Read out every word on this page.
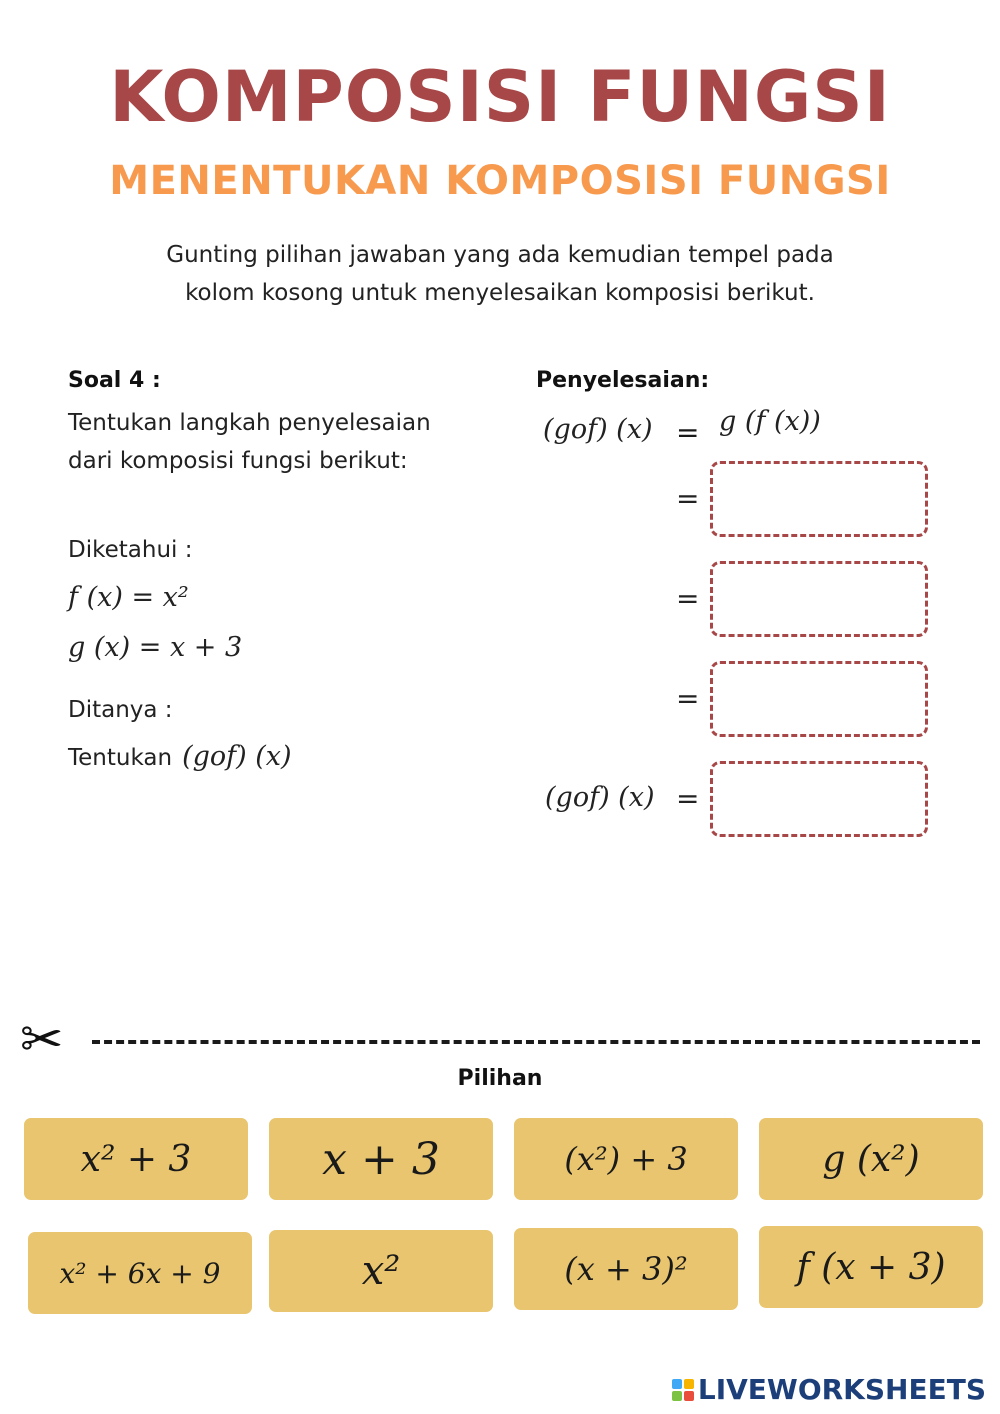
KOMPOSISI FUNGSI
MENENTUKAN KOMPOSISI FUNGSI
Gunting pilihan jawaban yang ada kemudian tempel pada
kolom kosong untuk menyelesaikan komposisi berikut.
Soal 4 :
Tentukan langkah penyelesaian
dari komposisi fungsi berikut:
Diketahui :
f (x) = x²
g (x) = x + 3
Ditanya :
Tentukan (gof) (x)
Penyelesaian:
(gof) (x) = g (f (x))
=
=
=
(gof) (x) =
✂
Pilihan
x² + 3	x + 3	(x²) + 3	g (x²)
x² + 6x + 9	x²	(x + 3)²	f (x + 3)
LIVEWORKSHEETS
